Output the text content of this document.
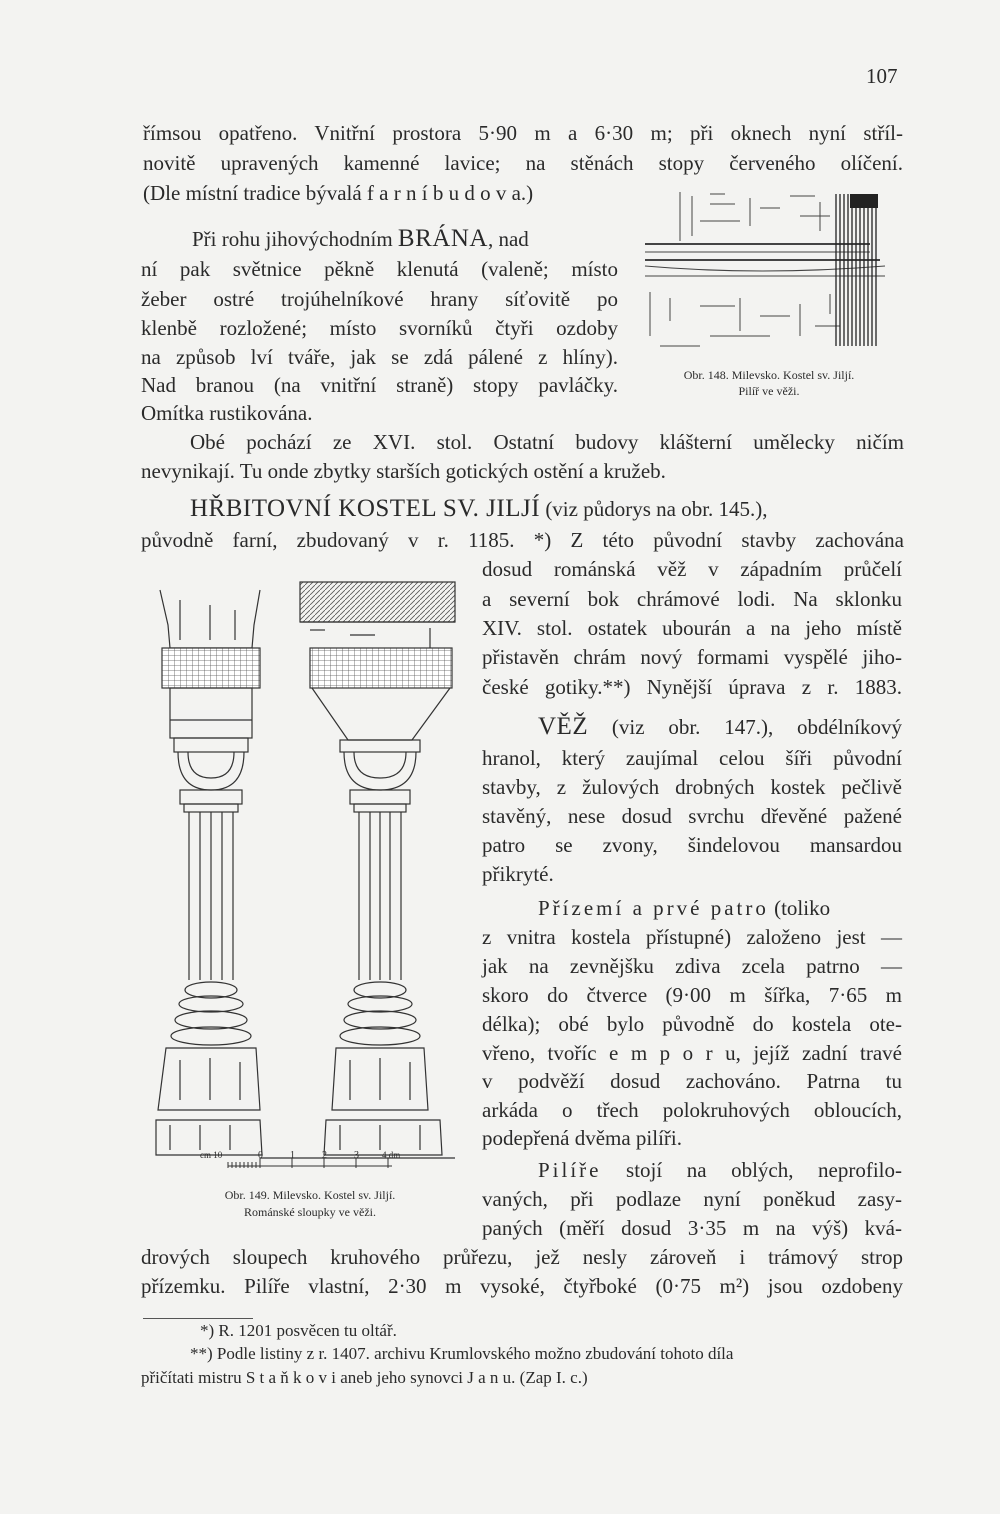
107
římsou opatřeno. Vnitřní prostora 5·90 m a 6·30 m; při oknech nyní stříl-
novitě upravených kamenné lavice; na stěnách stopy červeného olíčení.
(Dle místní tradice bývalá f a r n í b u d o v a.)
Při rohu jihovýchodním BRÁNA, nad
ní pak světnice pěkně klenutá (valeně; místo
žeber ostré trojúhelníkové hrany síťovitě po
klenbě rozložené; místo svorníků čtyři ozdoby
na způsob lví tváře, jak se zdá pálené z hlíny).
Nad branou (na vnitřní straně) stopy pavláčky.
Omítka rustikována.
Obr. 148. Milevsko. Kostel sv. Jiljí.
Pilíř ve věži.
Obé pochází ze XVI. stol. Ostatní budovy klášterní umělecky ničím
nevynikají. Tu onde zbytky starších gotických ostění a kružeb.
HŘBITOVNÍ KOSTEL SV. JILJÍ (viz půdorys na obr. 145.),
původně farní, zbudovaný v r. 1185. *) Z této původní stavby zachována
dosud románská věž v západním průčelí
a severní bok chrámové lodi. Na sklonku
XIV. stol. ostatek ubourán a na jeho místě
přistavěn chrám nový formami vyspělé jiho-
české gotiky.**) Nynější úprava z r. 1883.
VĚŽ (viz obr. 147.), obdélníkový
hranol, který zaujímal celou šíři původní
stavby, z žulových drobných kostek pečlivě
stavěný, nese dosud svrchu dřevěné pažené
patro se zvony, šindelovou mansardou
přikryté.
Přízemí a prvé patro (toliko
z vnitra kostela přístupné) založeno jest —
jak na zevnějšku zdiva zcela patrno —
skoro do čtverce (9·00 m šířka, 7·65 m
délka); obé bylo původně do kostela ote-
vřeno, tvoříc e m p o r u, jejíž zadní travé
v podvěží dosud zachováno. Patrna tu
arkáda o třech polokruhových obloucích,
podepřená dvěma pilíři.
Pilíře stojí na oblých, neprofilo-
vaných, při podlaze nyní poněkud zasy-
paných (měří dosud 3·35 m na výš) kvá-
drových sloupech kruhového průřezu, jež nesly zároveň i trámový strop
přízemku. Pilíře vlastní, 2·30 m vysoké, čtyřboké (0·75 m²) jsou ozdobeny
cm 10	0	1	2	3	4 dm
Obr. 149. Milevsko. Kostel sv. Jiljí.
Románské sloupky ve věži.
*) R. 1201 posvěcen tu oltář.
**) Podle listiny z r. 1407. archivu Krumlovského možno zbudování tohoto díla
přičítati mistru S t a ň k o v i aneb jeho synovci J a n u. (Zap I. c.)
